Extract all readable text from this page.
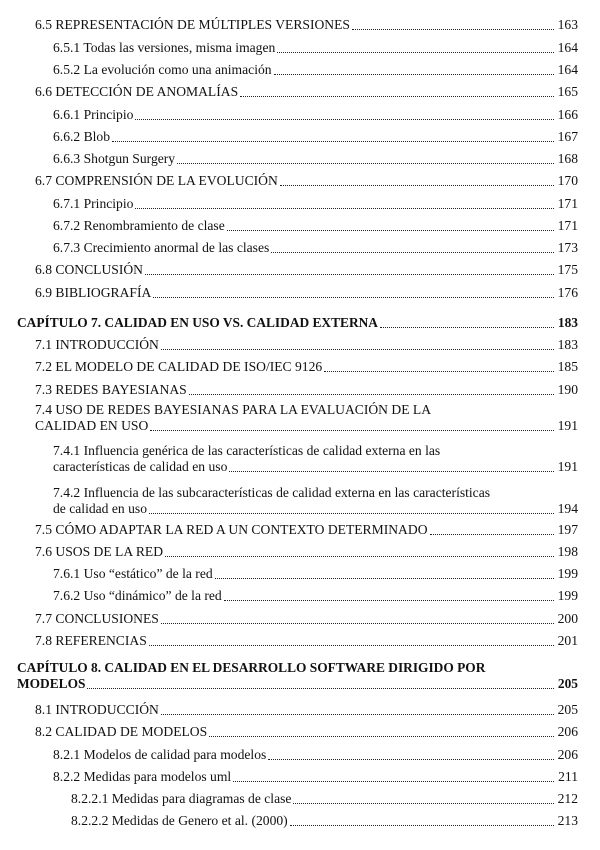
6.5 REPRESENTACIÓN DE MÚLTIPLES VERSIONES	163
6.5.1 Todas las versiones, misma imagen	164
6.5.2 La evolución como una animación	164
6.6 DETECCIÓN DE ANOMALÍAS	165
6.6.1 Principio	166
6.6.2 Blob	167
6.6.3 Shotgun Surgery	168
6.7 COMPRENSIÓN DE LA EVOLUCIÓN	170
6.7.1 Principio	171
6.7.2 Renombramiento de clase	171
6.7.3 Crecimiento anormal de las clases	173
6.8 CONCLUSIÓN	175
6.9 BIBLIOGRAFÍA	176
CAPÍTULO 7. CALIDAD EN USO VS. CALIDAD EXTERNA	183
7.1 INTRODUCCIÓN	183
7.2 EL MODELO DE CALIDAD DE ISO/IEC 9126	185
7.3 REDES BAYESIANAS	190
7.4 USO DE REDES BAYESIANAS PARA LA EVALUACIÓN DE LA
CALIDAD EN USO	191
7.4.1 Influencia genérica de las características de calidad externa en las
características de calidad en uso	191
7.4.2 Influencia de las subcaracterísticas de calidad externa en las características
de calidad en uso	194
7.5 CÓMO ADAPTAR LA RED A UN CONTEXTO DETERMINADO	197
7.6 USOS DE LA RED	198
7.6.1 Uso “estático” de la red	199
7.6.2 Uso “dinámico” de la red	199
7.7 CONCLUSIONES	200
7.8 REFERENCIAS	201
CAPÍTULO 8. CALIDAD EN EL DESARROLLO SOFTWARE DIRIGIDO POR
MODELOS	205
8.1 INTRODUCCIÓN	205
8.2 CALIDAD DE MODELOS	206
8.2.1 Modelos de calidad para modelos	206
8.2.2 Medidas para modelos uml	211
8.2.2.1 Medidas para diagramas de clase	212
8.2.2.2 Medidas de Genero et al. (2000)	213
